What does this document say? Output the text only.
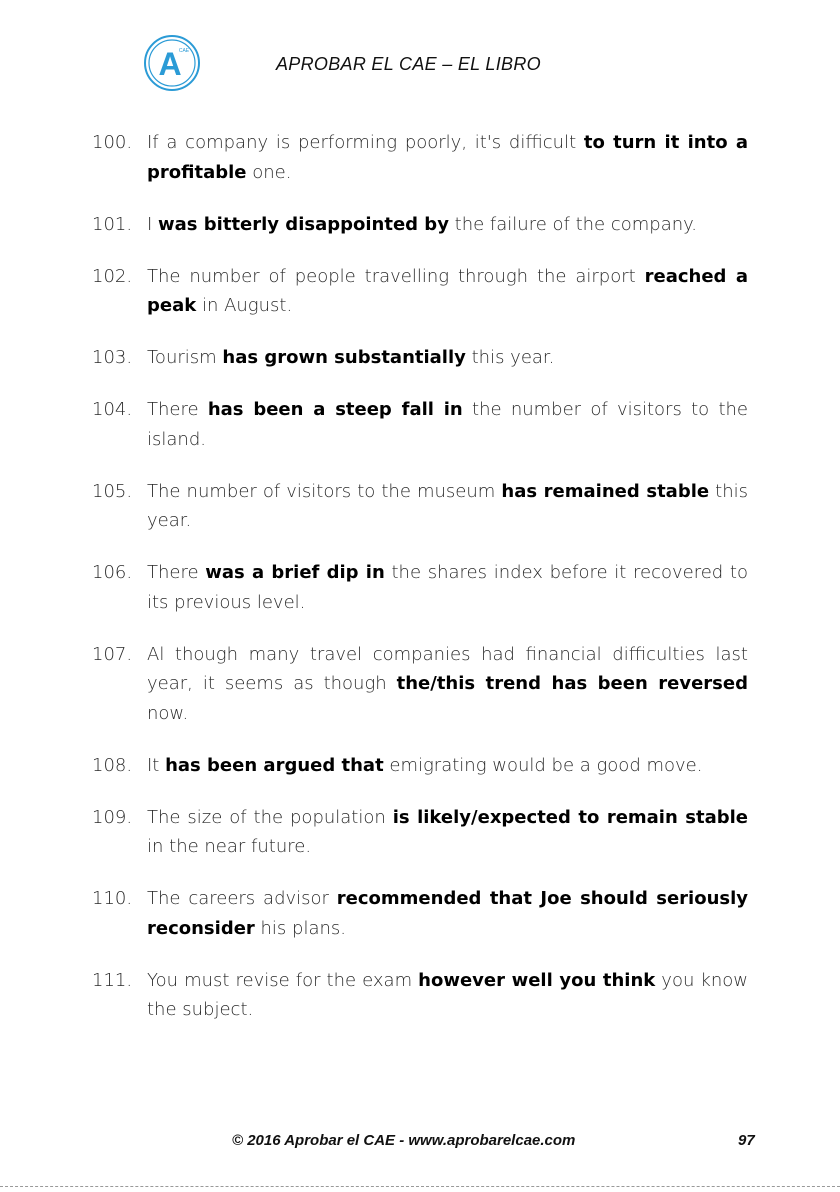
A
CAE
APROBAR EL CAE – EL LIBRO
100. If a company is performing poorly, it's difficult to turn it into a profitable one.
101. I was bitterly disappointed by the failure of the company.
102. The number of people travelling through the airport reached a peak in August.
103. Tourism has grown substantially this year.
104. There has been a steep fall in the number of visitors to the island.
105. The number of visitors to the museum has remained stable this year.
106. There was a brief dip in the shares index before it recovered to its previous level.
107. Al though many travel companies had financial difficulties last year, it seems as though the/this trend has been reversed now.
108. It has been argued that emigrating would be a good move.
109. The size of the population is likely/expected to remain stable in the near future.
110. The careers advisor recommended that Joe should seriously reconsider his plans.
111. You must revise for the exam however well you think you know the subject.
© 2016 Aprobar el CAE - www.aprobarelcae.com	97
